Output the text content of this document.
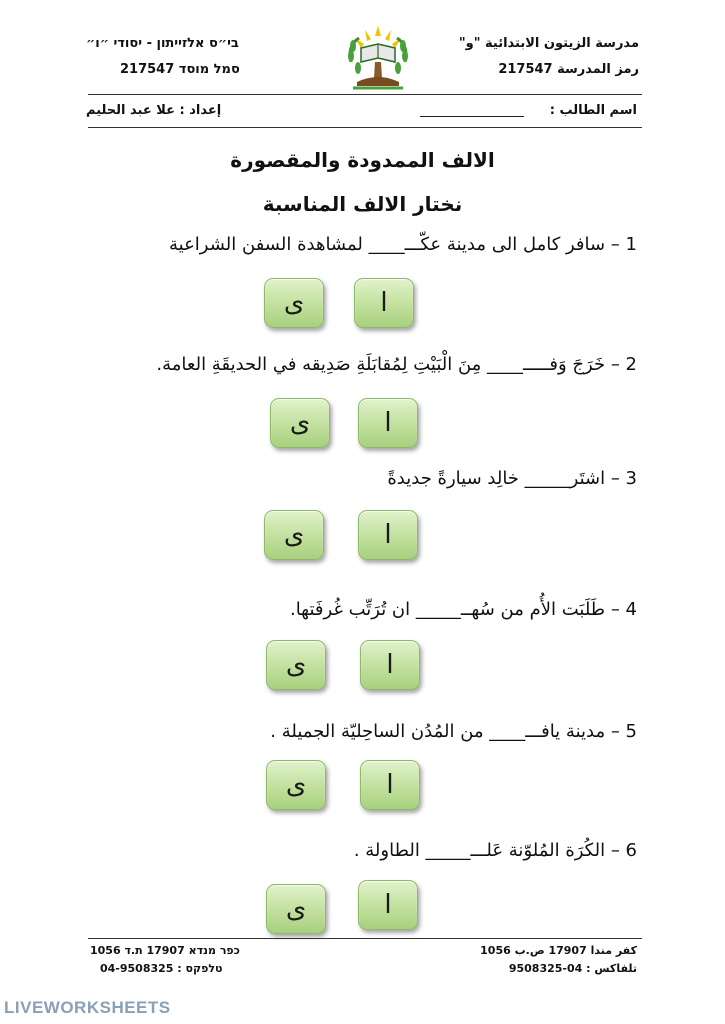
בי״ס אלזייתון - יסודי ״ו״
סמל מוסד 217547
مدرسة الزيتون الابتدائية "و"
رمز المدرسة 217547
اسم الطالب :
________________
إعداد : علا عبد الحليم
الالف الممدودة والمقصورة
نختار الالف المناسبة
1 – سافر كامل الى مدينة عكّـــ____ لمشاهدة السفن الشراعية
ا
ى
2 – خَرَجَ وَفـــــ____ مِنَ الْبَيْتِ لِمُقابَلَةِ صَدِيقه في الحديقَةِ العامة.
ا
ى
3 – اشتَر_____ خالِد سيارةً جديدةً
ا
ى
4 – طَلَبَت الأُم من سُهــ_____ ان تُرَتِّب غُرفَتها.
ا
ى
5 – مدينة يافـــ____ من المُدُن الساحِليّة الجميلة .
ا
ى
6 – الكُرَة المُلوّنة عَلـــ_____ الطاولة .
ا
ى
כפר מנדא 17907 ת.ד 1056
טלפקס : 04-9508325
كفر مندا 17907 ص.ب 1056
تلفاكس : 04-9508325
LIVEWORKSHEETS
